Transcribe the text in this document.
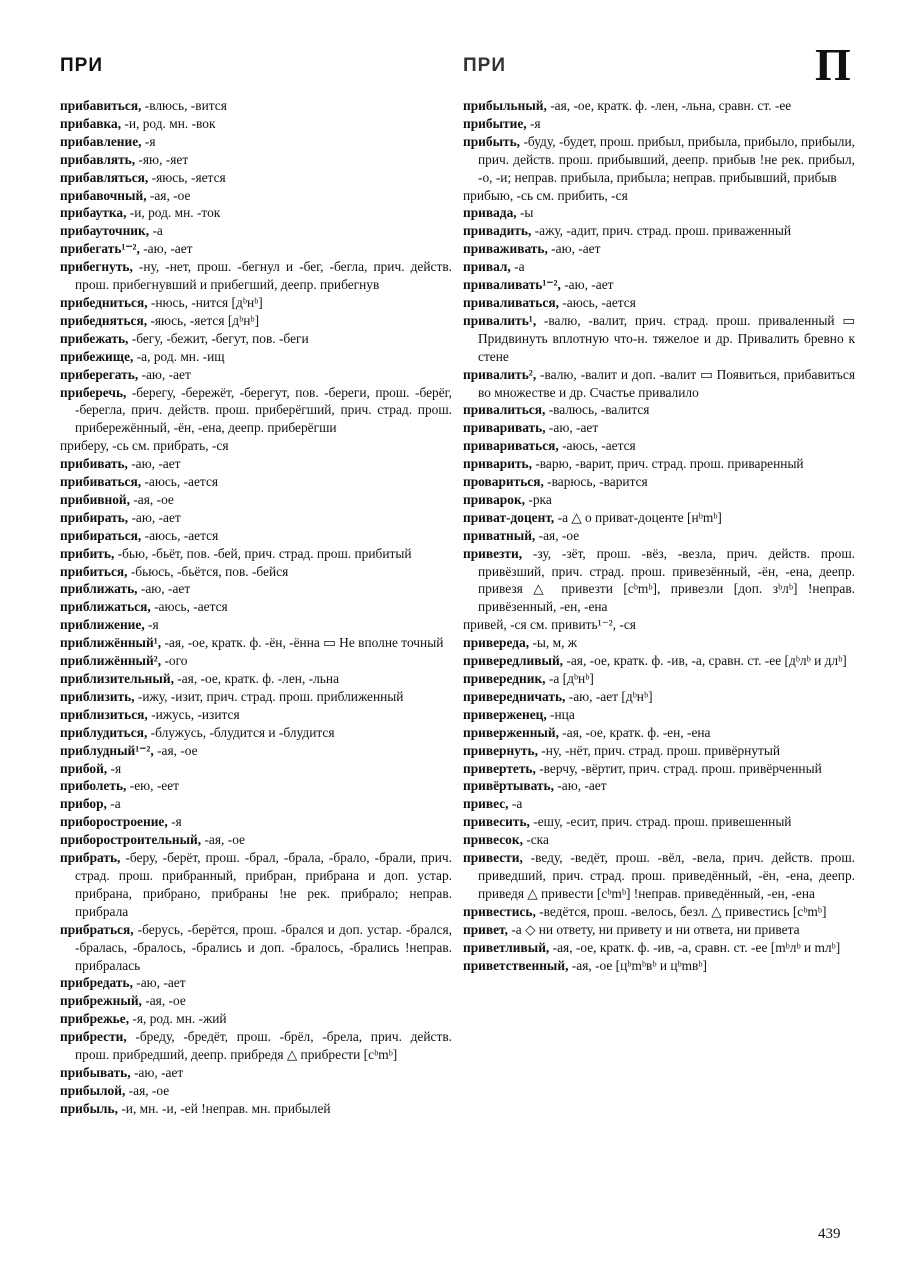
ПРИ	ПРИ	П

прибавиться, -влюсь, -вится

прибавка, -и, род. мн. -вок

прибавление, -я

прибавлять, -яю, -яет

прибавляться, -яюсь, -яется

прибавочный, -ая, -ое

прибаутка, -и, род. мн. -ток

прибауточник, -а

прибегать¹⁻², -аю, -ает

прибегнуть, -ну, -нет, прош. -бегнул и -бег, -бегла, прич. действ. прош. прибегнувший и прибегший, деепр. прибегнув

прибедниться, -нюсь, -нится [дᵇнᵇ]

прибедняться, -яюсь, -яется [дᵇнᵇ]

прибежать, -бегу, -бежит, -бегут, пов. -беги

прибежище, -а, род. мн. -ищ

приберегать, -аю, -ает

приберечь, -берегу, -бережёт, -берегут, пов. -береги, прош. -берёг, -берегла, прич. действ. прош. приберёгший, прич. страд. прош. прибережённый, -ён, -ена, деепр. приберёгши

приберу, -сь см. прибрать, -ся

прибивать, -аю, -ает

прибиваться, -аюсь, -ается

прибивной, -ая, -ое

прибирать, -аю, -ает

прибираться, -аюсь, -ается

прибить, -бью, -бьёт, пов. -бей, прич. страд. прош. прибитый

прибиться, -бьюсь, -бьётся, пов. -бейся

приближать, -аю, -ает

приближаться, -аюсь, -ается

приближение, -я

приближённый¹, -ая, -ое, кратк. ф. -ён, -ённа ▭ Не вполне точный

приближённый², -ого

приблизительный, -ая, -ое, кратк. ф. -лен, -льна

приблизить, -ижу, -изит, прич. страд. прош. приближенный

приблизиться, -ижусь, -изится

приблудиться, -блужусь, -блудится и -блудится

приблудный¹⁻², -ая, -ое

прибой, -я

приболеть, -ею, -еет

прибор, -а

приборостроение, -я

приборостроительный, -ая, -ое

прибрать, -беру, -берёт, прош. -брал, -брала, -брало, -брали, прич. страд. прош. прибранный, прибран, прибрана и доп. устар. прибрана, прибрано, прибраны !не рек. прибрало; неправ. прибрала

прибраться, -берусь, -берётся, прош. -брался и доп. устар. -брался, -бралась, -бралось, -брались и доп. -бралось, -брались !неправ. прибралась

прибредать, -аю, -ает

прибрежный, -ая, -ое

прибрежье, -я, род. мн. -жий

прибрести, -бреду, -бредёт, прош. -брёл, -брела, прич. действ. прош. прибредший, деепр. прибредя △ прибрести [cᵇmᵇ]

прибывать, -аю, -ает

прибылой, -ая, -ое

прибыль, -и, мн. -и, -ей !неправ. мн. прибылей

прибыльный, -ая, -ое, кратк. ф. -лен, -льна, сравн. ст. -ее

прибытие, -я

прибыть, -буду, -будет, прош. прибыл, прибыла, прибыло, прибыли, прич. действ. прош. прибывший, деепр. прибыв !не рек. прибыл, -о, -и; неправ. прибыла, прибыла; неправ. прибывший, прибыв

прибыю, -сь см. прибить, -ся

привада, -ы

привадить, -ажу, -адит, прич. страд. прош. приваженный

приваживать, -аю, -ает

привал, -а

приваливать¹⁻², -аю, -ает

приваливаться, -аюсь, -ается

привалить¹, -валю, -валит, прич. страд. прош. приваленный ▭ Придвинуть вплотную что-н. тяжелое и др. Привалить бревно к стене

привалить², -валю, -валит и доп. -валит ▭ Появиться, прибавиться во множестве и др. Счастье привалило

привалиться, -валюсь, -валится

приваривать, -аю, -ает

привариваться, -аюсь, -ается

приварить, -варю, -варит, прич. страд. прош. приваренный

провариться, -варюсь, -варится

приварок, -рка

приват-доцент, -а △ о приват-доценте [нᵇmᵇ]

приватный, -ая, -ое

привезти, -зу, -зёт, прош. -вёз, -везла, прич. действ. прош. привёзший, прич. страд. прош. привезённый, -ён, -ена, деепр. привезя △ привезти [cᵇmᵇ], привезли [доп. зᵇлᵇ] !неправ. привёзенный, -ен, -ена

привей, -ся см. привить¹⁻², -ся

привереда, -ы, м, ж

привередливый, -ая, -ое, кратк. ф. -ив, -а, сравн. ст. -ее [дᵇлᵇ и длᵇ]

привередник, -а [дᵇнᵇ]

привередничать, -аю, -ает [дᵇнᵇ]

приверженец, -нца

приверженный, -ая, -ое, кратк. ф. -ен, -ена

привернуть, -ну, -нёт, прич. страд. прош. привёрнутый

привертеть, -верчу, -вёртит, прич. страд. прош. привёрченный

привёртывать, -аю, -ает

привес, -а

привесить, -ешу, -есит, прич. страд. прош. привешенный

привесок, -ска

привести, -веду, -ведёт, прош. -вёл, -вела, прич. действ. прош. приведший, прич. страд. прош. приведённый, -ён, -ена, деепр. приведя △ привести [cᵇmᵇ] !неправ. приведённый, -ен, -ена

привестись, -ведётся, прош. -велось, безл. △ привестись [cᵇmᵇ]

привет, -а ◇ ни ответу, ни привету и ни ответа, ни привета

приветливый, -ая, -ое, кратк. ф. -ив, -а, сравн. ст. -ее [mᵇлᵇ и mлᵇ]

приветственный, -ая, -ое [цᵇmᵇвᵇ и цᵇmвᵇ]

439
